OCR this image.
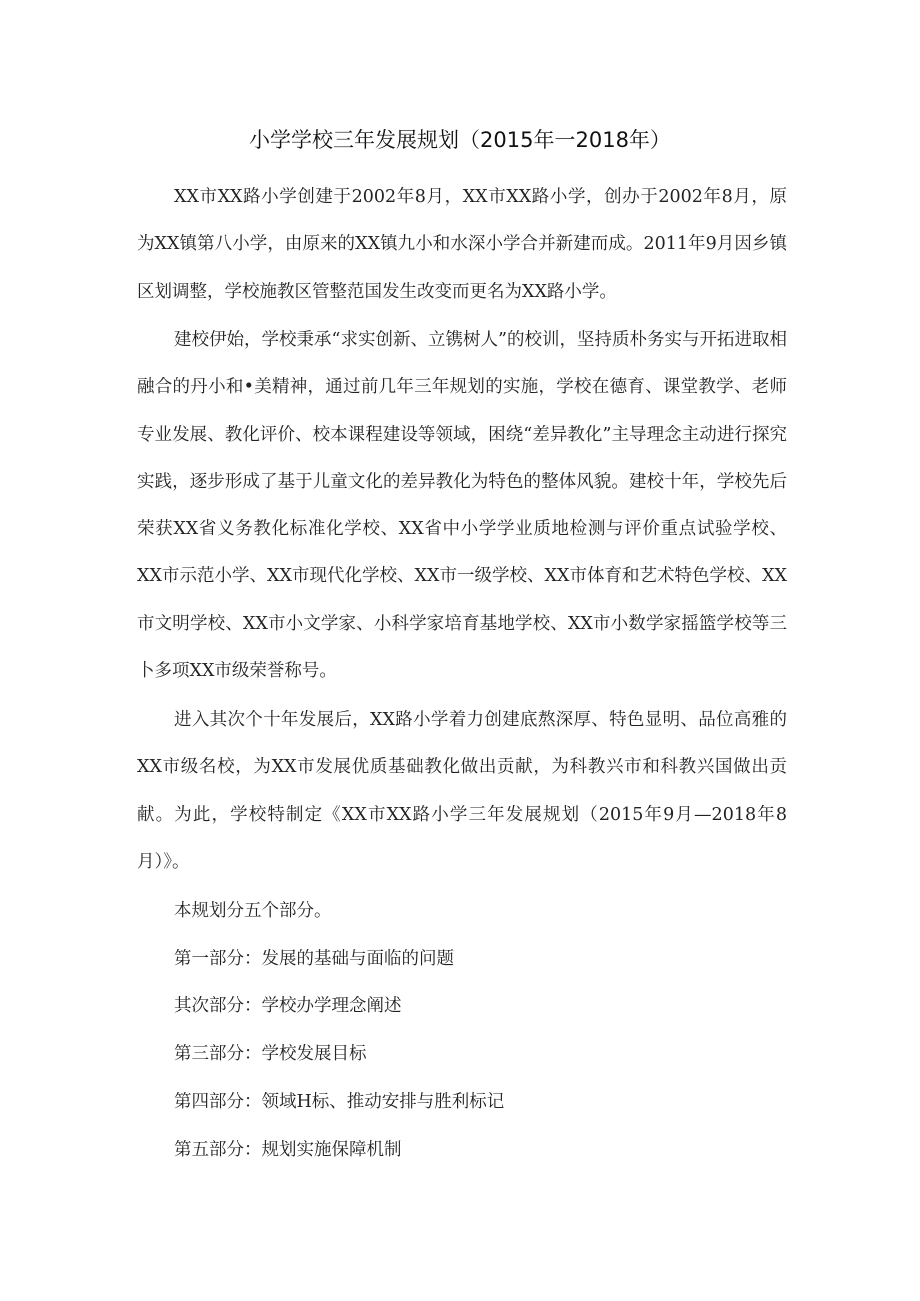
小学学校三年发展规划（2015年一2018年）

XX市XX路小学创建于2002年8月，XX市XX路小学，创办于2002年8月，原为XX镇第八小学，由原来的XX镇九小和水深小学合并新建而成。2011年9月因乡镇区划调整，学校施教区管整范国发生改变而更名为XX路小学。

建校伊始，学校秉承“求实创新、立镌树人”的校训，坚持质朴务实与开拓进取相融合的丹小和•美精神，通过前几年三年规划的实施，学校在德育、课堂教学、老师专业发展、教化评价、校本课程建设等领域，困绕“差异教化”主导理念主动进行探究实践，逐步形成了基于儿童文化的差异教化为特色的整体风貌。建校十年，学校先后荣获XX省义务教化标准化学校、XX省中小学学业质地检测与评价重点试验学校、XX市示范小学、XX市现代化学校、XX市一级学校、XX市体育和艺术特色学校、XX市文明学校、XX市小文学家、小科学家培育基地学校、XX市小数学家摇篮学校等三卜多项XX市级荣誉称号。

进入其次个十年发展后，XX路小学着力创建底熬深厚、特色显明、品位高雅的XX市级名校，为XX市发展优质基础教化做出贡献，为科教兴市和科教兴国做出贡献。为此，学校特制定《XX市XX路小学三年发展规划（2015年9月—2018年8月）》。

本规划分五个部分。

第一部分：发展的基础与面临的问题

其次部分：学校办学理念阐述

第三部分：学校发展目标

第四部分：领域H标、推动安排与胜利标记

第五部分：规划实施保障机制
